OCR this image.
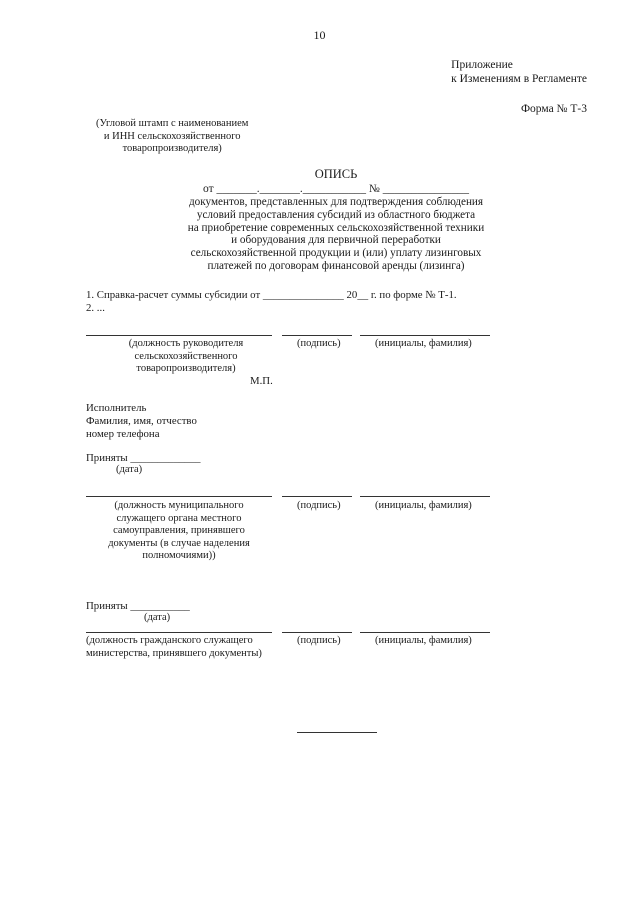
10
Приложение
к Изменениям в Регламенте
Форма № Т-3
(Угловой штамп с наименованием
и ИНН сельскохозяйственного
товаропроизводителя)
ОПИСЬ
от _______._______.___________ № _______________
документов, представленных для подтверждения соблюдения
условий предоставления субсидий из областного бюджета
на приобретение современных сельскохозяйственной техники
и оборудования для первичной переработки
сельскохозяйственной продукции и (или) уплату лизинговых
платежей по договорам финансовой аренды (лизинга)
1. Справка-расчет суммы субсидии от _______________ 20__ г. по форме № Т-1.
2. ...
(должность руководителя
сельскохозяйственного
товаропроизводителя)
(подпись)	(инициалы, фамилия)
М.П.
Исполнитель
Фамилия, имя, отчество
номер телефона
Приняты _____________
(дата)
(должность муниципального
служащего органа местного
самоуправления, принявшего
документы (в случае наделения
полномочиями))
(подпись)	(инициалы, фамилия)
Приняты ___________
(дата)
(должность гражданского служащего
министерства, принявшего документы)
(подпись)	(инициалы, фамилия)
